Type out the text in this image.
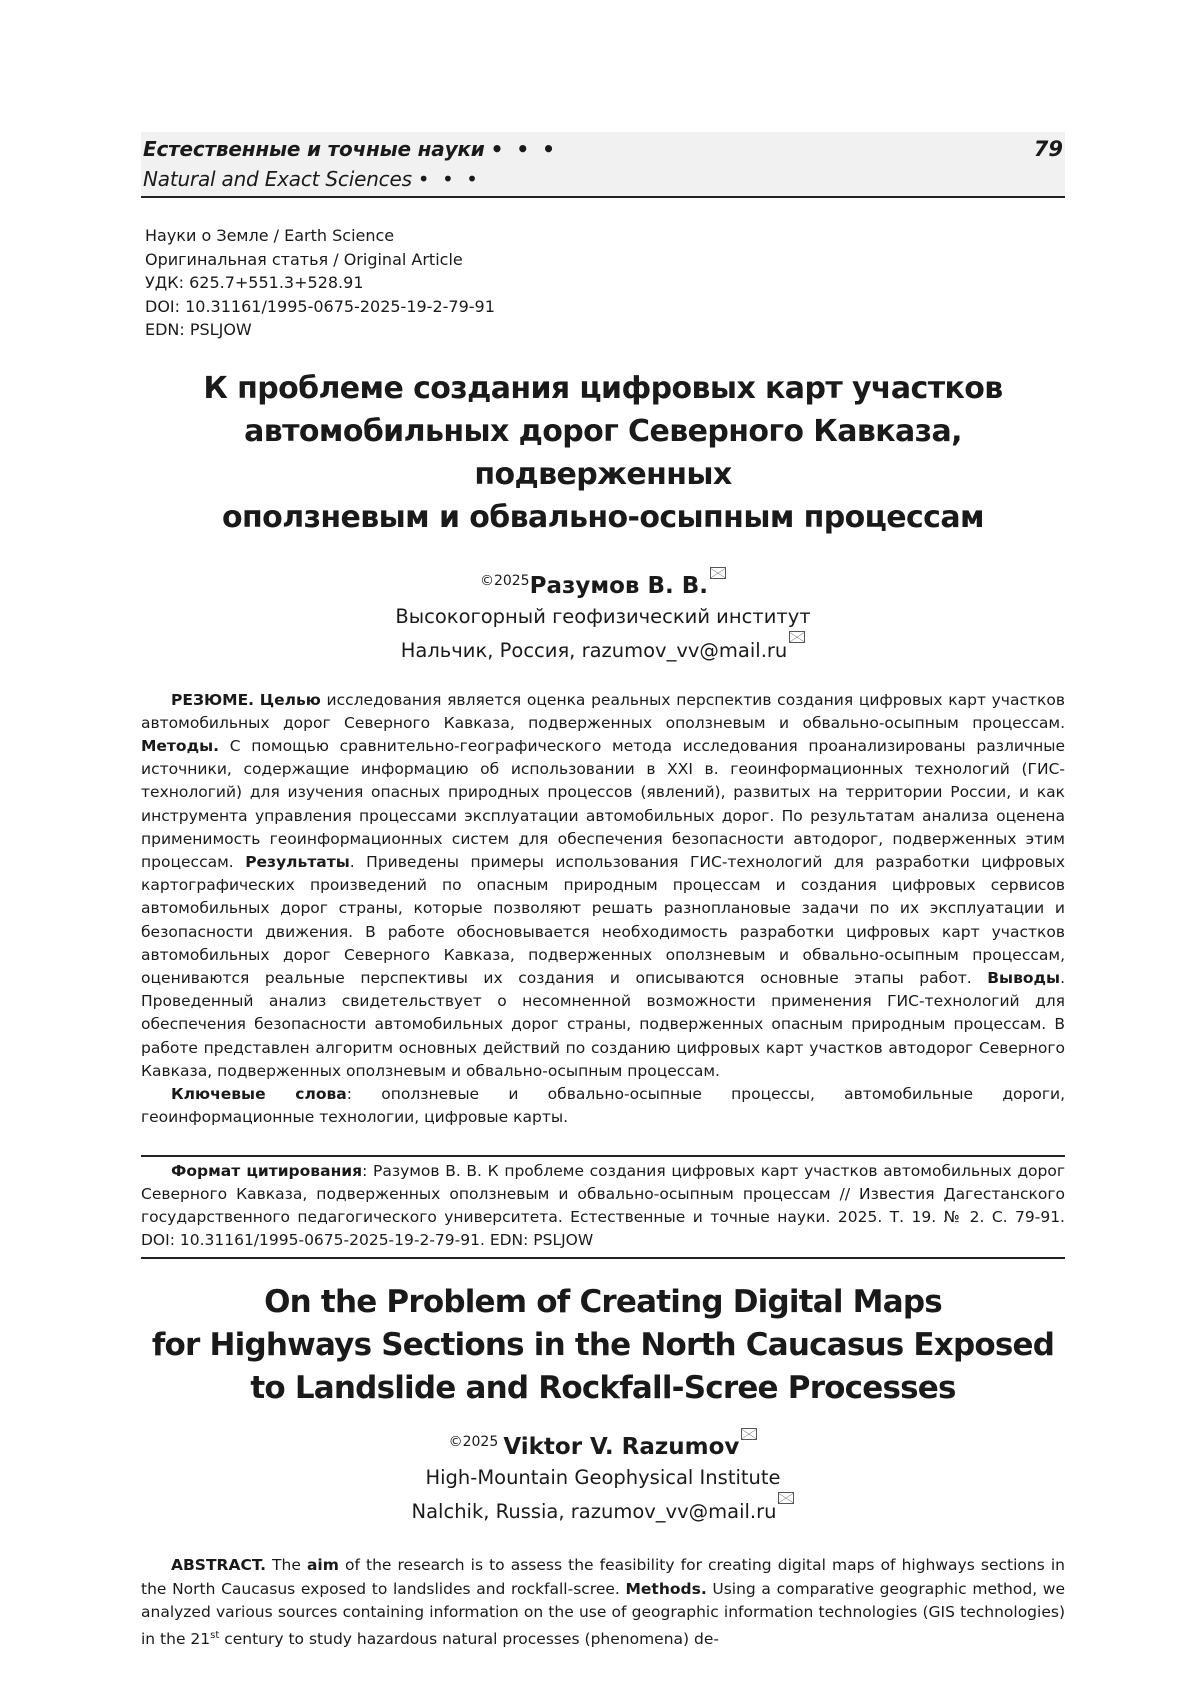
Естественные и точные науки • • •
Natural and Exact Sciences • • •
79
Науки о Земле / Earth Science
Оригинальная статья / Original Article
УДК: 625.7+551.3+528.91
DOI: 10.31161/1995-0675-2025-19-2-79-91
EDN: PSLJOW
К проблеме создания цифровых карт участков
автомобильных дорог Северного Кавказа, подверженных
оползневым и обвально-осыпным процессам
©2025Разумов В. В.
Высокогорный геофизический институт
Нальчик, Россия, razumov_vv@mail.ru

РЕЗЮМЕ. Целью исследования является оценка реальных перспектив создания цифровых карт участков автомобильных дорог Северного Кавказа, подверженных оползневым и обвально-осыпным процессам. Методы. С помощью сравнительно-географического метода исследования проанализированы различные источники, содержащие информацию об использовании в XXI в. геоинформационных технологий (ГИС-технологий) для изучения опасных природных процессов (явлений), развитых на территории России, и как инструмента управления процессами эксплуатации автомобильных дорог. По результатам анализа оценена применимость геоинформационных систем для обеспечения безопасности автодорог, подверженных этим процессам. Результаты. Приведены примеры использования ГИС-технологий для разработки цифровых картографических произведений по опасным природным процессам и создания цифровых сервисов автомобильных дорог страны, которые позволяют решать разноплановые задачи по их эксплуатации и безопасности движения. В работе обосновывается необходимость разработки цифровых карт участков автомобильных дорог Северного Кавказа, подверженных оползневым и обвально-осыпным процессам, оцениваются реальные перспективы их создания и описываются основные этапы работ. Выводы. Проведенный анализ свидетельствует о несомненной возможности применения ГИС-технологий для обеспечения безопасности автомобильных дорог страны, подверженных опасным природным процессам. В работе представлен алгоритм основных действий по созданию цифровых карт участков автодорог Северного Кавказа, подверженных оползневым и обвально-осыпным процессам.

Ключевые слова: оползневые и обвально-осыпные процессы, автомобильные дороги, геоинформационные технологии, цифровые карты.

Формат цитирования: Разумов В. В. К проблеме создания цифровых карт участков автомобильных дорог Северного Кавказа, подверженных оползневым и обвально-осыпным процессам // Известия Дагестанского государственного педагогического университета. Естественные и точные науки. 2025. Т. 19. № 2. С. 79-91. DOI: 10.31161/1995-0675-2025-19-2-79-91. EDN: PSLJOW

On the Problem of Creating Digital Maps
for Highways Sections in the North Caucasus Exposed
to Landslide and Rockfall-Scree Processes
©2025 Viktor V. Razumov
High-Mountain Geophysical Institute
Nalchik, Russia, razumov_vv@mail.ru

ABSTRACT. The aim of the research is to assess the feasibility for creating digital maps of highways sections in the North Caucasus exposed to landslides and rockfall-scree. Methods. Using a comparative geographic method, we analyzed various sources containing information on the use of geographic information technologies (GIS technologies) in the 21st century to study hazardous natural processes (phenomena) de-
